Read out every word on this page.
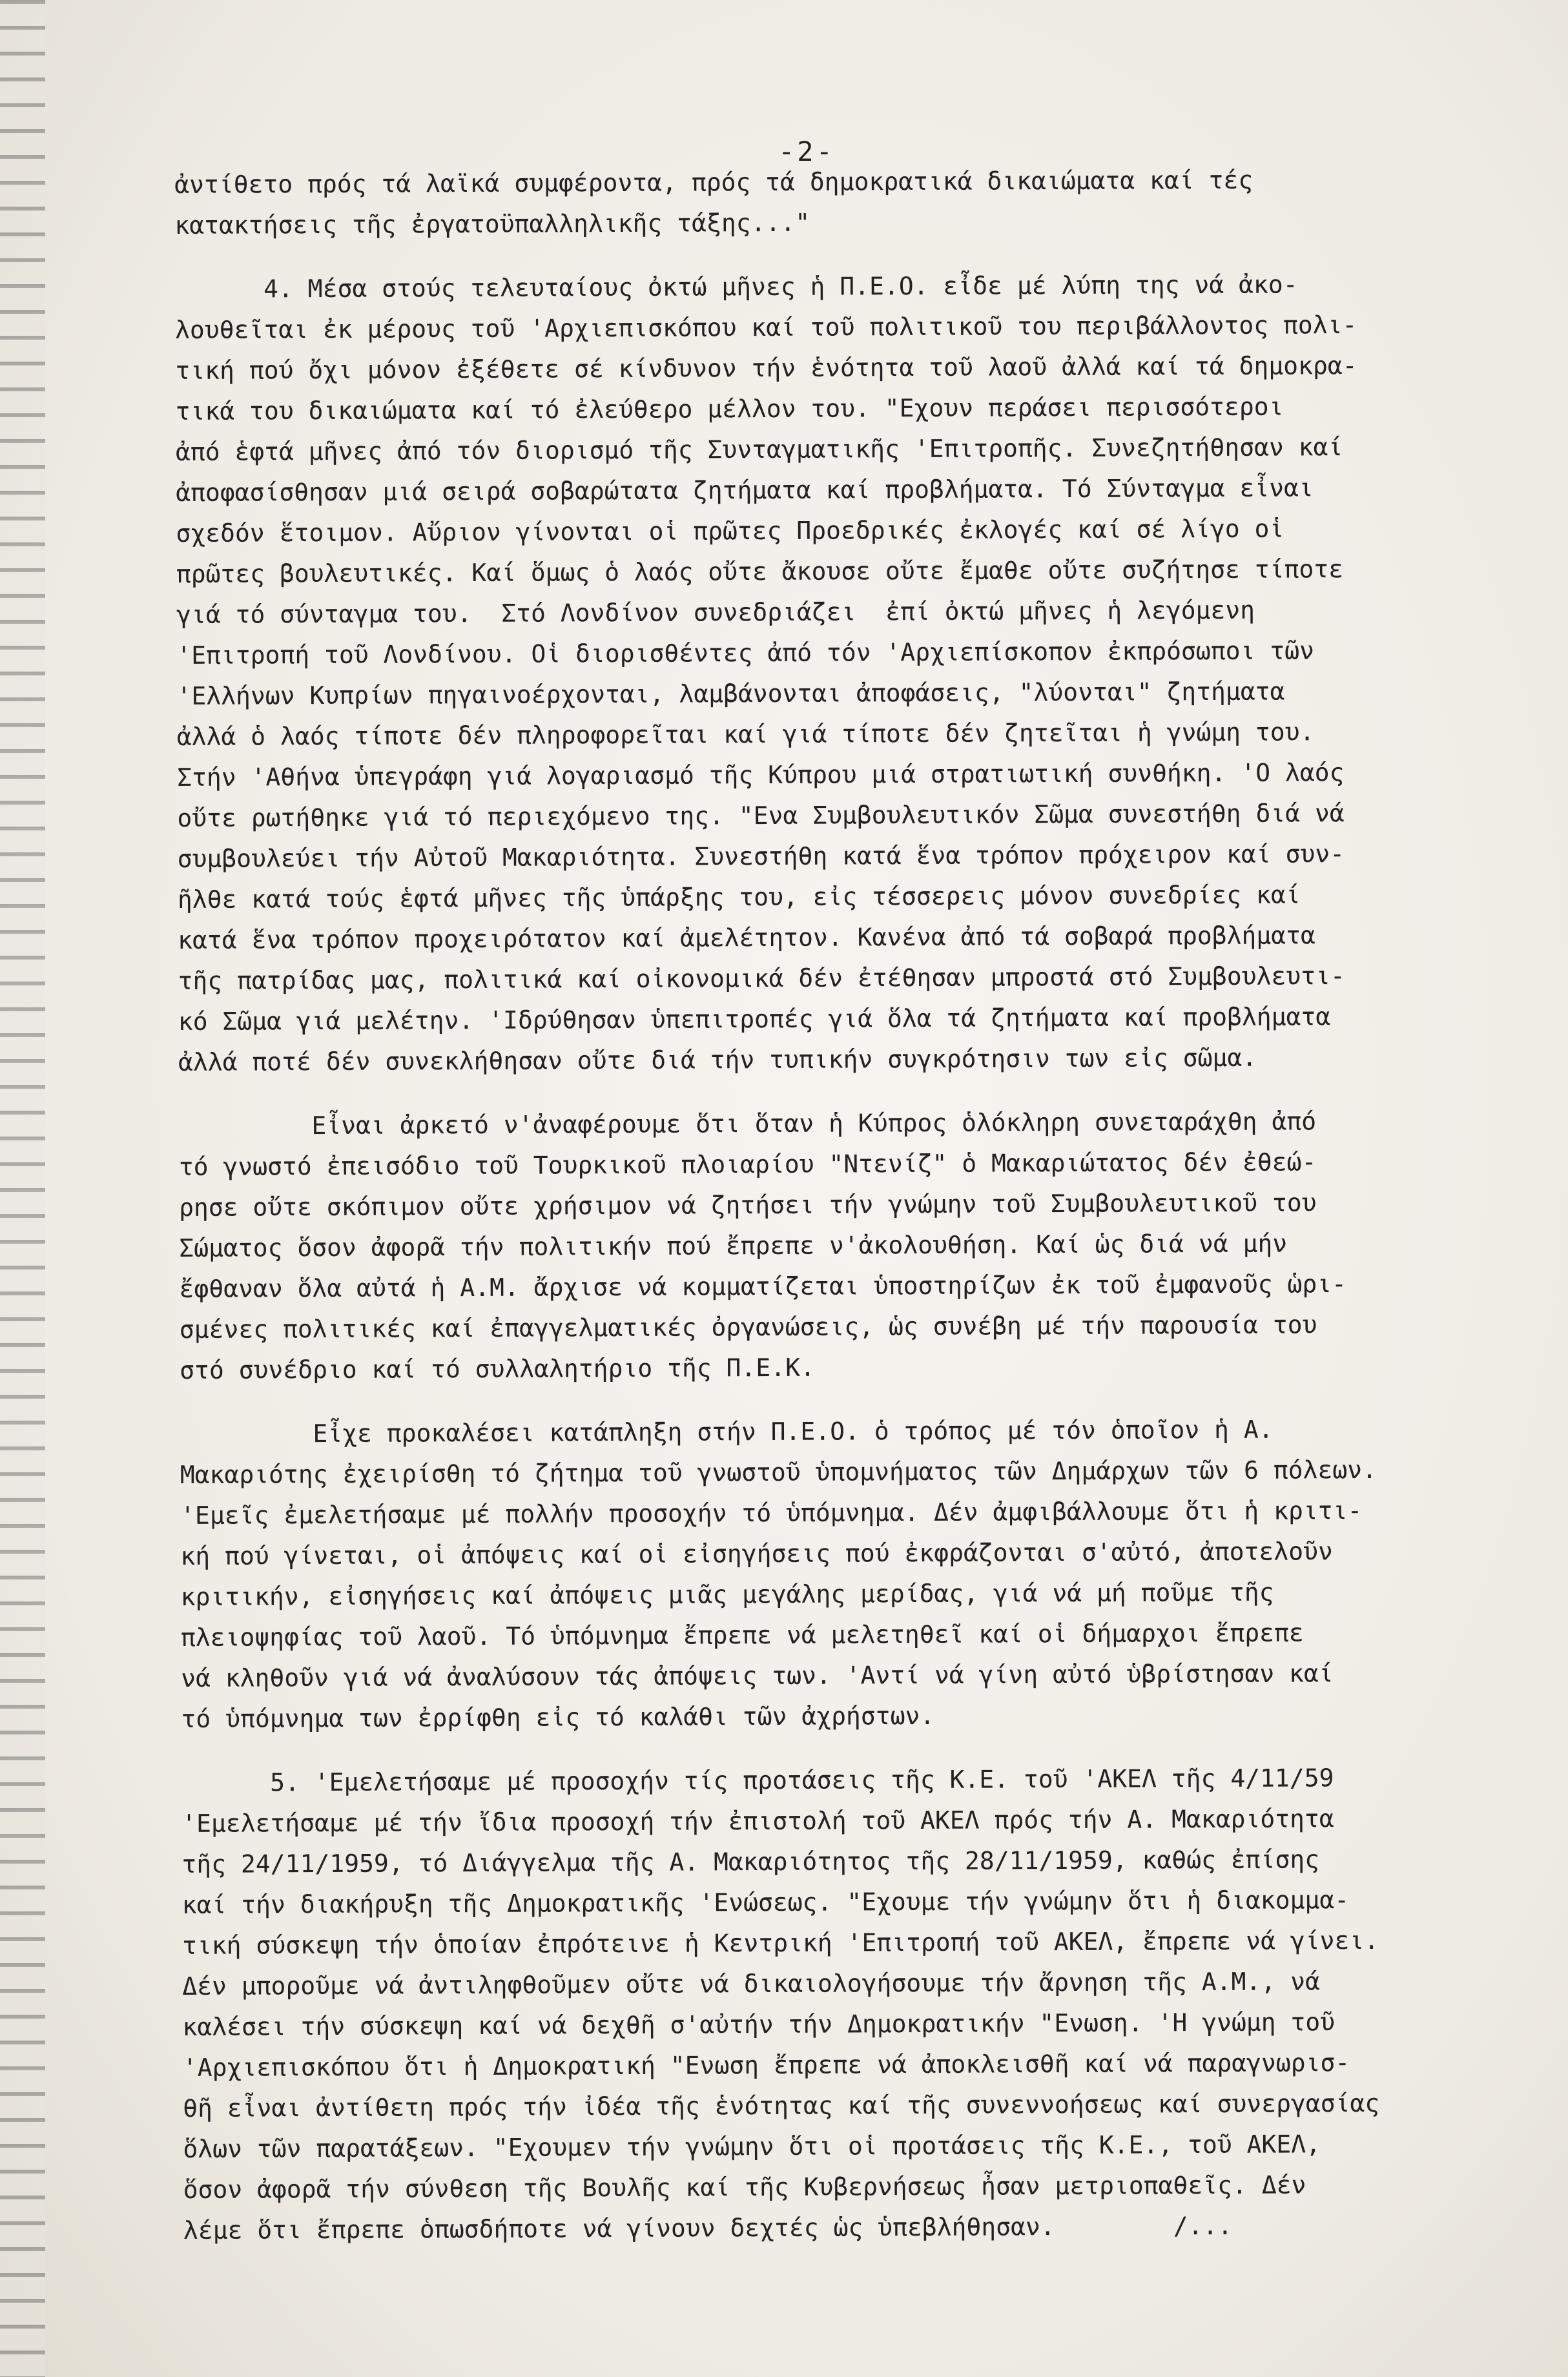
-2-

ἀντίθετο πρός τά λαϊκά συμφέροντα, πρός τά δημοκρατικά δικαιώματα καί τές

κατακτήσεις τῆς ἐργατοϋπαλληλικῆς τάξης..."

4. Μέσα στούς τελευταίους ὀκτώ μῆνες ἡ Π.Ε.Ο. εἶδε μέ λύπη της νά ἀκο-

λουθεῖται ἐκ μέρους τοῦ 'Αρχιεπισκόπου καί τοῦ πολιτικοῦ του περιβάλλοντος πολι-

τική πού ὄχι μόνον ἐξέθετε σέ κίνδυνον τήν ἑνότητα τοῦ λαοῦ ἀλλά καί τά δημοκρα-

τικά του δικαιώματα καί τό ἐλεύθερο μέλλον του. "Εχουν περάσει περισσότεροι

ἀπό ἑφτά μῆνες ἀπό τόν διορισμό τῆς Συνταγματικῆς 'Επιτροπῆς. Συνεζητήθησαν καί

ἀποφασίσθησαν μιά σειρά σοβαρώτατα ζητήματα καί προβλήματα. Τό Σύνταγμα εἶναι

σχεδόν ἕτοιμον. Αὔριον γίνονται οἱ πρῶτες Προεδρικές ἐκλογές καί σέ λίγο οἱ

πρῶτες βουλευτικές. Καί ὅμως ὁ λαός οὔτε ἄκουσε οὔτε ἔμαθε οὔτε συζήτησε τίποτε

γιά τό σύνταγμα του.  Στό Λονδίνον συνεδριάζει  ἐπί ὀκτώ μῆνες ἡ λεγόμενη

'Επιτροπή τοῦ Λονδίνου. Οἱ διορισθέντες ἀπό τόν 'Αρχιεπίσκοπον ἐκπρόσωποι τῶν

'Ελλήνων Κυπρίων πηγαινοέρχονται, λαμβάνονται ἀποφάσεις, "λύονται" ζητήματα

ἀλλά ὁ λαός τίποτε δέν πληροφορεῖται καί γιά τίποτε δέν ζητεῖται ἡ γνώμη του.

Στήν 'Αθήνα ὑπεγράφη γιά λογαριασμό τῆς Κύπρου μιά στρατιωτική συνθήκη. 'Ο λαός

οὔτε ρωτήθηκε γιά τό περιεχόμενο της. "Ενα Συμβουλευτικόν Σῶμα συνεστήθη διά νά

συμβουλεύει τήν Αὐτοῦ Μακαριότητα. Συνεστήθη κατά ἕνα τρόπον πρόχειρον καί συν-

ῆλθε κατά τούς ἑφτά μῆνες τῆς ὑπάρξης του, εἰς τέσσερεις μόνον συνεδρίες καί

κατά ἕνα τρόπον προχειρότατον καί ἀμελέτητον. Κανένα ἀπό τά σοβαρά προβλήματα

τῆς πατρίδας μας, πολιτικά καί οἰκονομικά δέν ἐτέθησαν μπροστά στό Συμβουλευτι-

κό Σῶμα γιά μελέτην. 'Ιδρύθησαν ὑπεπιτροπές γιά ὅλα τά ζητήματα καί προβλήματα

ἀλλά ποτέ δέν συνεκλήθησαν οὔτε διά τήν τυπικήν συγκρότησιν των εἰς σῶμα.

Εἶναι ἀρκετό ν'ἀναφέρουμε ὅτι ὅταν ἡ Κύπρος ὁλόκληρη συνεταράχθη ἀπό

τό γνωστό ἐπεισόδιο τοῦ Τουρκικοῦ πλοιαρίου "Ντενίζ" ὁ Μακαριώτατος δέν ἐθεώ-

ρησε οὔτε σκόπιμον οὔτε χρήσιμον νά ζητήσει τήν γνώμην τοῦ Συμβουλευτικοῦ του

Σώματος ὅσον ἀφορᾶ τήν πολιτικήν πού ἔπρεπε ν'ἀκολουθήση. Καί ὡς διά νά μήν

ἔφθαναν ὅλα αὐτά ἡ Α.Μ. ἄρχισε νά κομματίζεται ὑποστηρίζων ἐκ τοῦ ἐμφανοῦς ὡρι-

σμένες πολιτικές καί ἐπαγγελματικές ὀργανώσεις, ὡς συνέβη μέ τήν παρουσία του

στό συνέδριο καί τό συλλαλητήριο τῆς Π.Ε.Κ.

Εἶχε προκαλέσει κατάπληξη στήν Π.Ε.Ο. ὁ τρόπος μέ τόν ὁποῖον ἡ Α.

Μακαριότης ἐχειρίσθη τό ζήτημα τοῦ γνωστοῦ ὑπομνήματος τῶν Δημάρχων τῶν 6 πόλεων.

'Εμεῖς ἐμελετήσαμε μέ πολλήν προσοχήν τό ὑπόμνημα. Δέν ἀμφιβάλλουμε ὅτι ἡ κριτι-

κή πού γίνεται, οἱ ἀπόψεις καί οἱ εἰσηγήσεις πού ἐκφράζονται σ'αὐτό, ἀποτελοῦν

κριτικήν, εἰσηγήσεις καί ἀπόψεις μιᾶς μεγάλης μερίδας, γιά νά μή ποῦμε τῆς

πλειοψηφίας τοῦ λαοῦ. Τό ὑπόμνημα ἔπρεπε νά μελετηθεῖ καί οἱ δήμαρχοι ἔπρεπε

νά κληθοῦν γιά νά ἀναλύσουν τάς ἀπόψεις των. 'Αντί νά γίνη αὐτό ὑβρίστησαν καί

τό ὑπόμνημα των ἐρρίφθη εἰς τό καλάθι τῶν ἀχρήστων.

5. 'Εμελετήσαμε μέ προσοχήν τίς προτάσεις τῆς Κ.Ε. τοῦ 'ΑΚΕΛ τῆς 4/11/59

'Εμελετήσαμε μέ τήν ἴδια προσοχή τήν ἐπιστολή τοῦ ΑΚΕΛ πρός τήν Α. Μακαριότητα

τῆς 24/11/1959, τό Διάγγελμα τῆς Α. Μακαριότητος τῆς 28/11/1959, καθώς ἐπίσης

καί τήν διακήρυξη τῆς Δημοκρατικῆς 'Ενώσεως. "Εχουμε τήν γνώμην ὅτι ἡ διακομμα-

τική σύσκεψη τήν ὁποίαν ἐπρότεινε ἡ Κεντρική 'Επιτροπή τοῦ ΑΚΕΛ, ἔπρεπε νά γίνει.

Δέν μποροῦμε νά ἀντιληφθοῦμεν οὔτε νά δικαιολογήσουμε τήν ἄρνηση τῆς Α.Μ., νά

καλέσει τήν σύσκεψη καί νά δεχθῆ σ'αὐτήν τήν Δημοκρατικήν "Ενωση. 'Η γνώμη τοῦ

'Αρχιεπισκόπου ὅτι ἡ Δημοκρατική "Ενωση ἔπρεπε νά ἀποκλεισθῆ καί νά παραγνωρισ-

θῆ εἶναι ἀντίθετη πρός τήν ἰδέα τῆς ἑνότητας καί τῆς συνεννοήσεως καί συνεργασίας

ὅλων τῶν παρατάξεων. "Εχουμεν τήν γνώμην ὅτι οἱ προτάσεις τῆς Κ.Ε., τοῦ ΑΚΕΛ,

ὅσον ἀφορᾶ τήν σύνθεση τῆς Βουλῆς καί τῆς Κυβερνήσεως ἦσαν μετριοπαθεῖς. Δέν

λέμε ὅτι ἔπρεπε ὁπωσδήποτε νά γίνουν δεχτές ὡς ὑπεβλήθησαν.        /...
